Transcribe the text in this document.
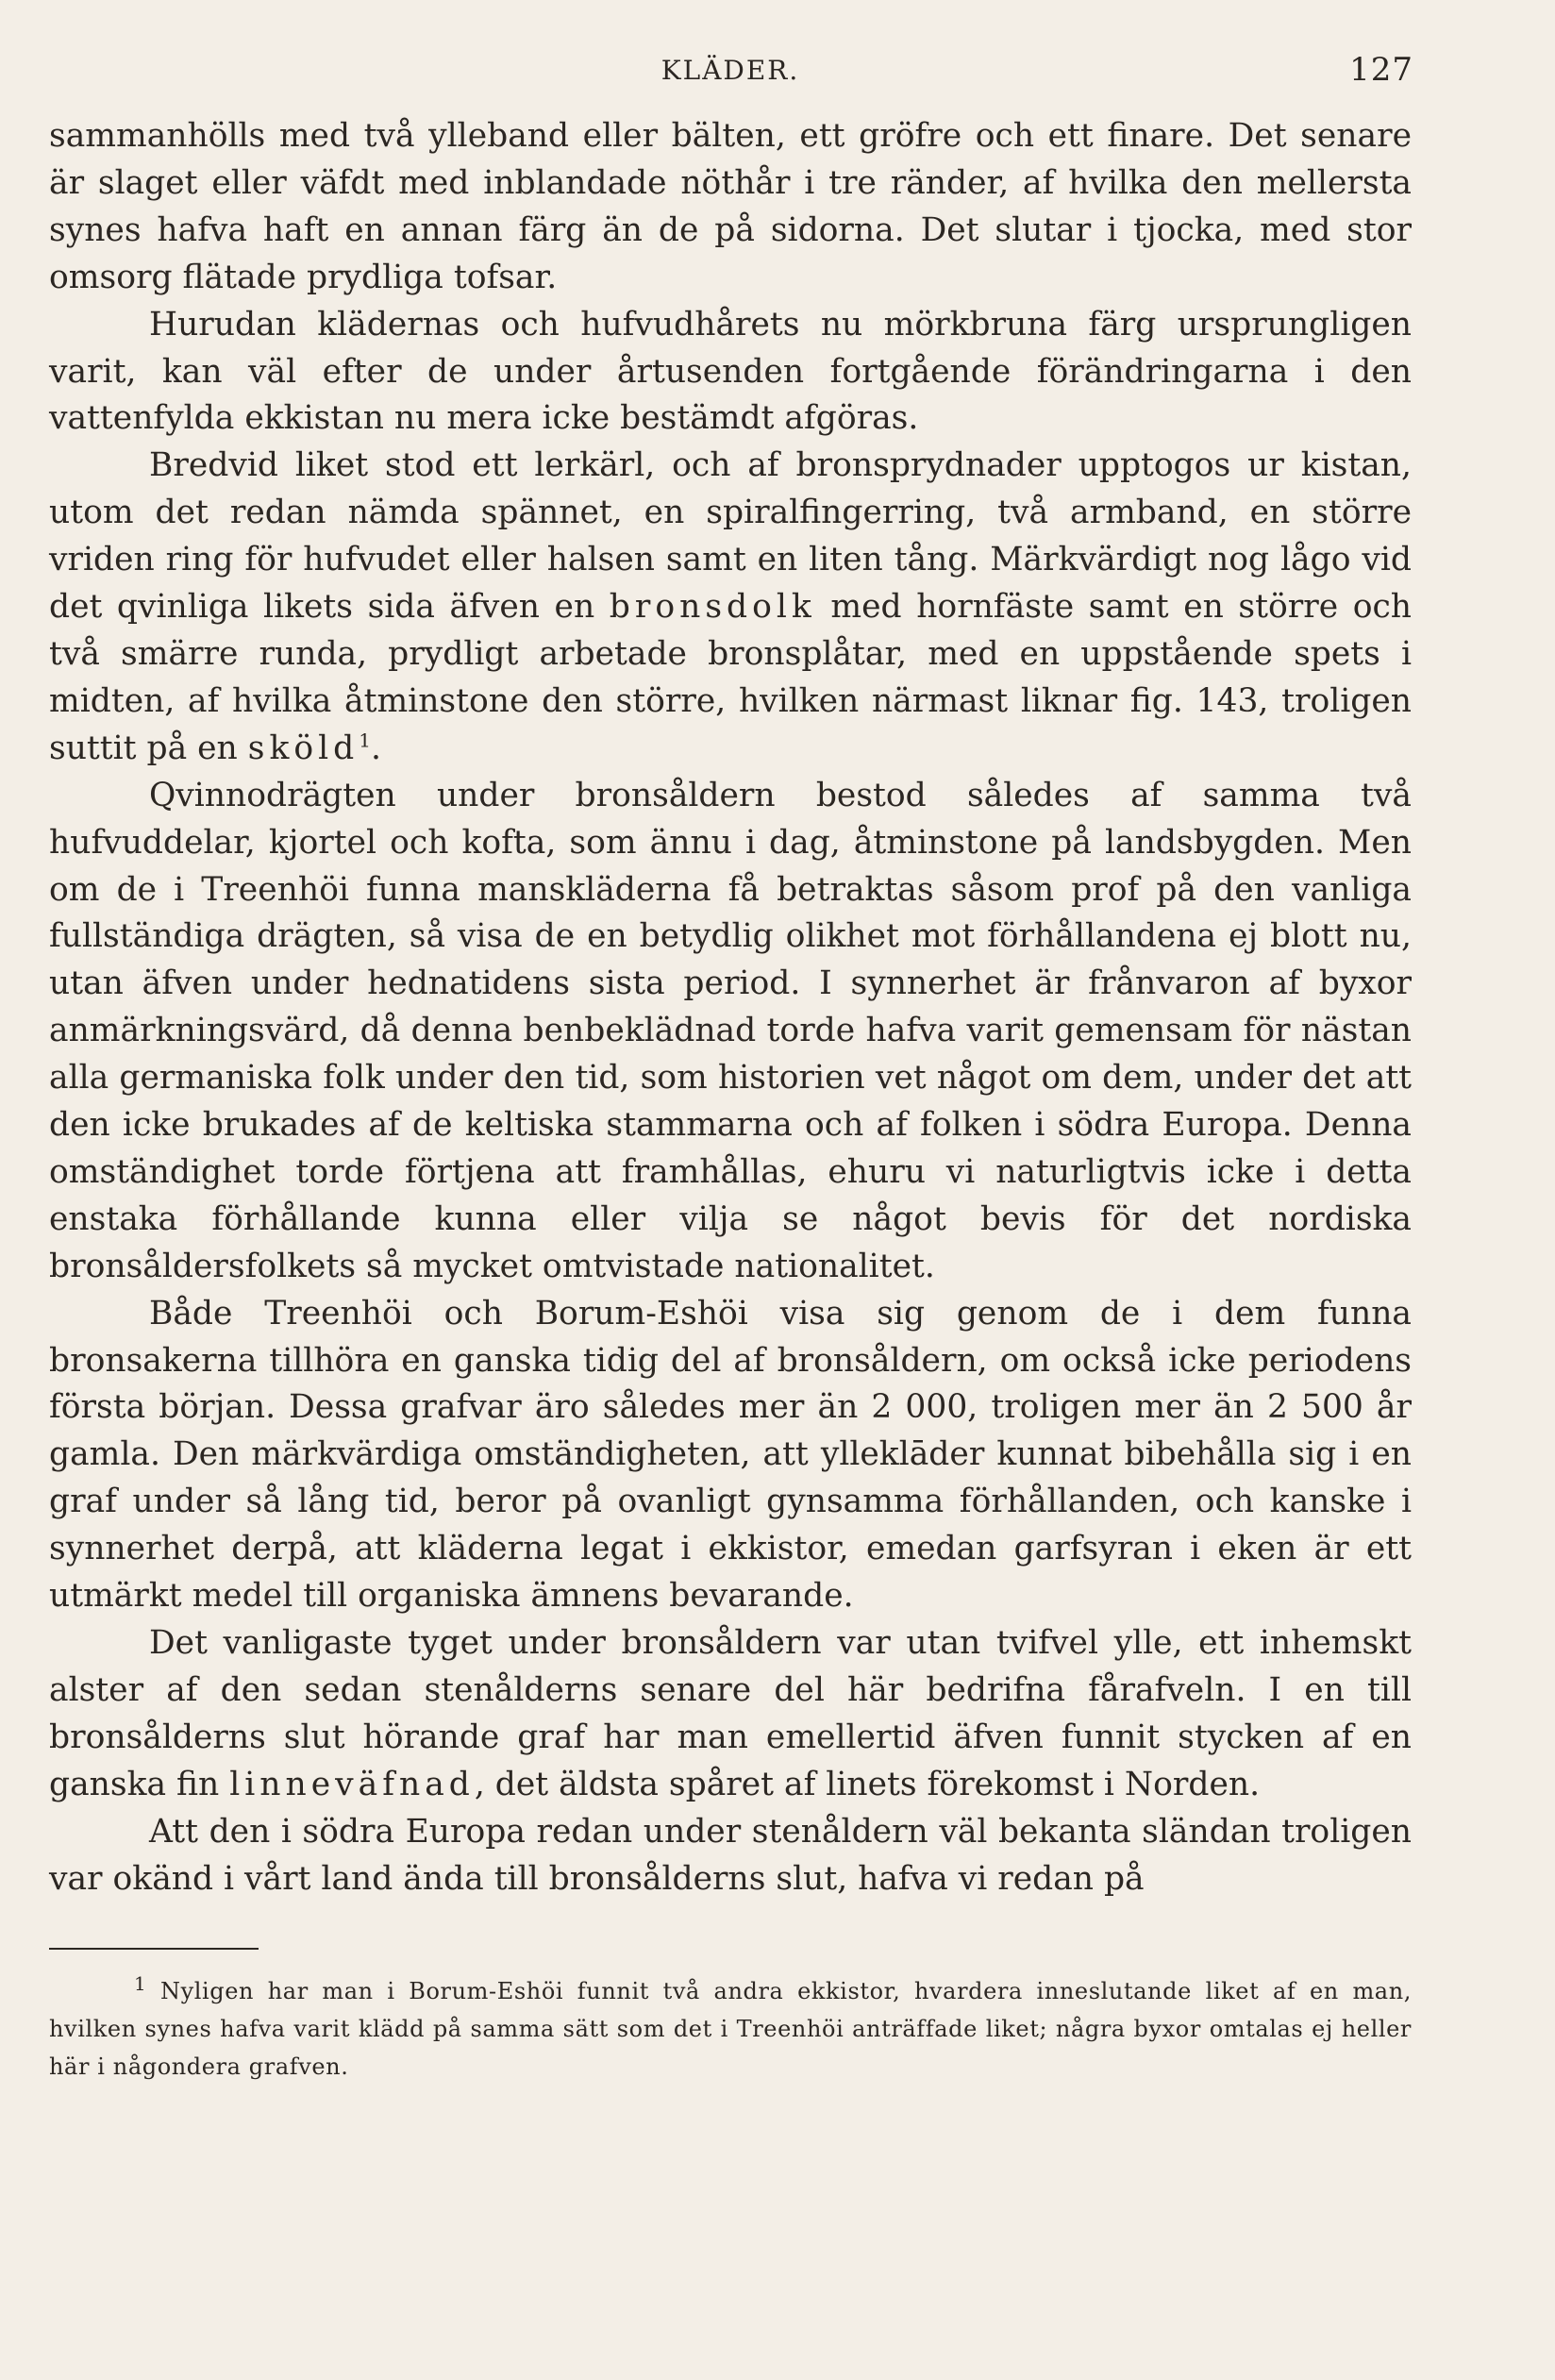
KLÄDER.	127

sammanhölls med två ylleband eller bälten, ett gröfre och ett finare. Det senare är slaget eller väfdt med inblandade nöthår i tre ränder, af hvilka den mellersta synes hafva haft en annan färg än de på sidorna. Det slutar i tjocka, med stor omsorg flätade prydliga tofsar.

Hurudan klädernas och hufvudhårets nu mörkbruna färg ursprungligen varit, kan väl efter de under årtusenden fortgående förändringarna i den vattenfylda ekkistan nu mera icke bestämdt afgöras.

Bredvid liket stod ett lerkärl, och af bronsprydnader upptogos ur kistan, utom det redan nämda spännet, en spiralfingerring, två armband, en större vriden ring för hufvudet eller halsen samt en liten tång. Märkvärdigt nog lågo vid det qvinliga likets sida äfven en bronsdolk med hornfäste samt en större och två smärre runda, prydligt arbetade bronsplåtar, med en uppstående spets i midten, af hvilka åtminstone den större, hvilken närmast liknar fig. 143, troligen suttit på en sköld$^1$.

Qvinnodrägten under bronsåldern bestod således af samma två hufvuddelar, kjortel och kofta, som ännu i dag, åtminstone på landsbygden. Men om de i Treenhöi funna manskläderna få betraktas såsom prof på den vanliga fullständiga drägten, så visa de en betydlig olikhet mot förhållandena ej blott nu, utan äfven under hednatidens sista period. I synnerhet är frånvaron af byxor anmärkningsvärd, då denna benbeklädnad torde hafva varit gemensam för nästan alla germaniska folk under den tid, som historien vet något om dem, under det att den icke brukades af de keltiska stammarna och af folken i södra Europa. Denna omständighet torde förtjena att framhållas, ehuru vi naturligtvis icke i detta enstaka förhållande kunna eller vilja se något bevis för det nordiska bronsåldersfolkets så mycket omtvistade nationalitet.

Både Treenhöi och Borum-Eshöi visa sig genom de i dem funna bronsakerna tillhöra en ganska tidig del af bronsåldern, om också icke periodens första början. Dessa grafvar äro således mer än 2 000, troligen mer än 2 500 år gamla. Den märkvärdiga omständigheten, att ylleklāder kunnat bibehålla sig i en graf under så lång tid, beror på ovanligt gynsamma förhållanden, och kanske i synnerhet derpå, att kläderna legat i ekkistor, emedan garfsyran i eken är ett utmärkt medel till organiska ämnens bevarande.

Det vanligaste tyget under bronsåldern var utan tvifvel ylle, ett inhemskt alster af den sedan stenålderns senare del här bedrifna fårafveln. I en till bronsålderns slut hörande graf har man emellertid äfven funnit stycken af en ganska fin linneväfnad, det äldsta spåret af linets förekomst i Norden.

Att den i södra Europa redan under stenåldern väl bekanta sländan troligen var okänd i vårt land ända till bronsålderns slut, hafva vi redan på

$^1$ Nyligen har man i Borum-Eshöi funnit två andra ekkistor, hvardera inneslutande liket af en man, hvilken synes hafva varit klädd på samma sätt som det i Treenhöi anträffade liket; några byxor omtalas ej heller här i någondera grafven.
